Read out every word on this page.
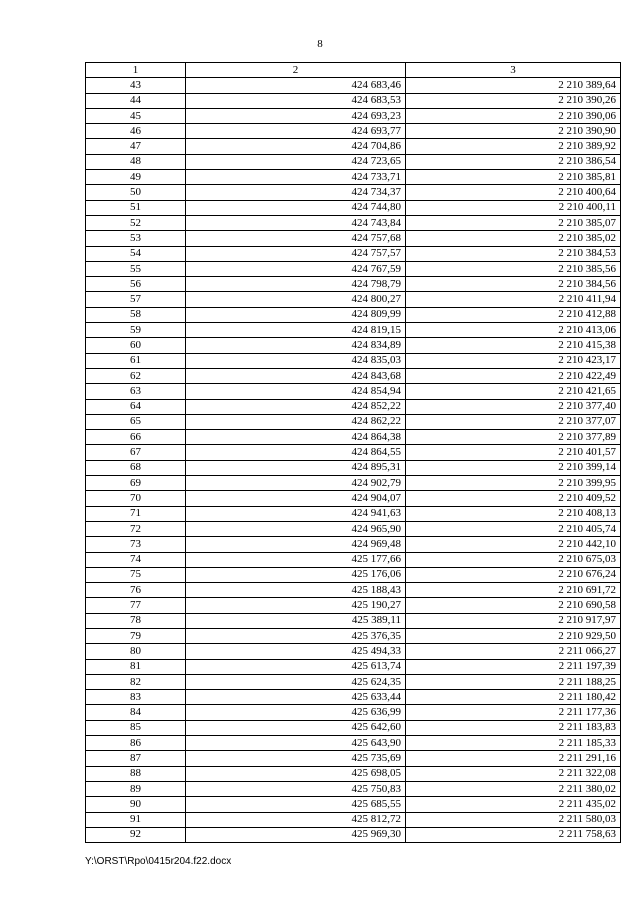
8
1	2	3
43	424 683,46	2 210 389,64
44	424 683,53	2 210 390,26
45	424 693,23	2 210 390,06
46	424 693,77	2 210 390,90
47	424 704,86	2 210 389,92
48	424 723,65	2 210 386,54
49	424 733,71	2 210 385,81
50	424 734,37	2 210 400,64
51	424 744,80	2 210 400,11
52	424 743,84	2 210 385,07
53	424 757,68	2 210 385,02
54	424 757,57	2 210 384,53
55	424 767,59	2 210 385,56
56	424 798,79	2 210 384,56
57	424 800,27	2 210 411,94
58	424 809,99	2 210 412,88
59	424 819,15	2 210 413,06
60	424 834,89	2 210 415,38
61	424 835,03	2 210 423,17
62	424 843,68	2 210 422,49
63	424 854,94	2 210 421,65
64	424 852,22	2 210 377,40
65	424 862,22	2 210 377,07
66	424 864,38	2 210 377,89
67	424 864,55	2 210 401,57
68	424 895,31	2 210 399,14
69	424 902,79	2 210 399,95
70	424 904,07	2 210 409,52
71	424 941,63	2 210 408,13
72	424 965,90	2 210 405,74
73	424 969,48	2 210 442,10
74	425 177,66	2 210 675,03
75	425 176,06	2 210 676,24
76	425 188,43	2 210 691,72
77	425 190,27	2 210 690,58
78	425 389,11	2 210 917,97
79	425 376,35	2 210 929,50
80	425 494,33	2 211 066,27
81	425 613,74	2 211 197,39
82	425 624,35	2 211 188,25
83	425 633,44	2 211 180,42
84	425 636,99	2 211 177,36
85	425 642,60	2 211 183,83
86	425 643,90	2 211 185,33
87	425 735,69	2 211 291,16
88	425 698,05	2 211 322,08
89	425 750,83	2 211 380,02
90	425 685,55	2 211 435,02
91	425 812,72	2 211 580,03
92	425 969,30	2 211 758,63
Y:\ORST\Rpo\0415r204.f22.docx
